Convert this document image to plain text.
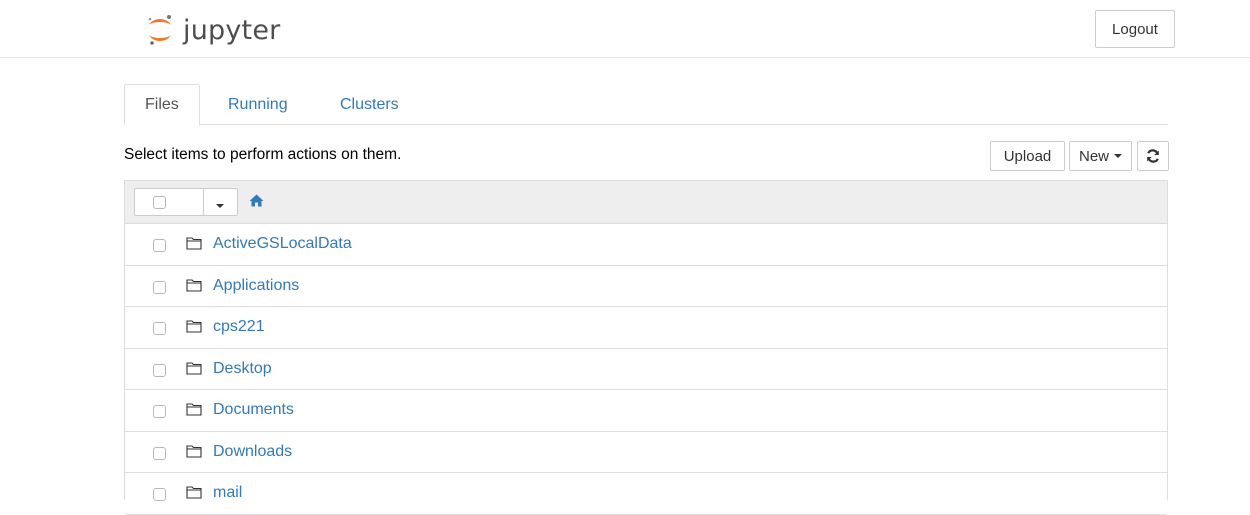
jupyter	Logout
Files	Running	Clusters
Select items to perform actions on them.	Upload	New
ActiveGSLocalData
Applications
cps221
Desktop
Documents
Downloads
mail
